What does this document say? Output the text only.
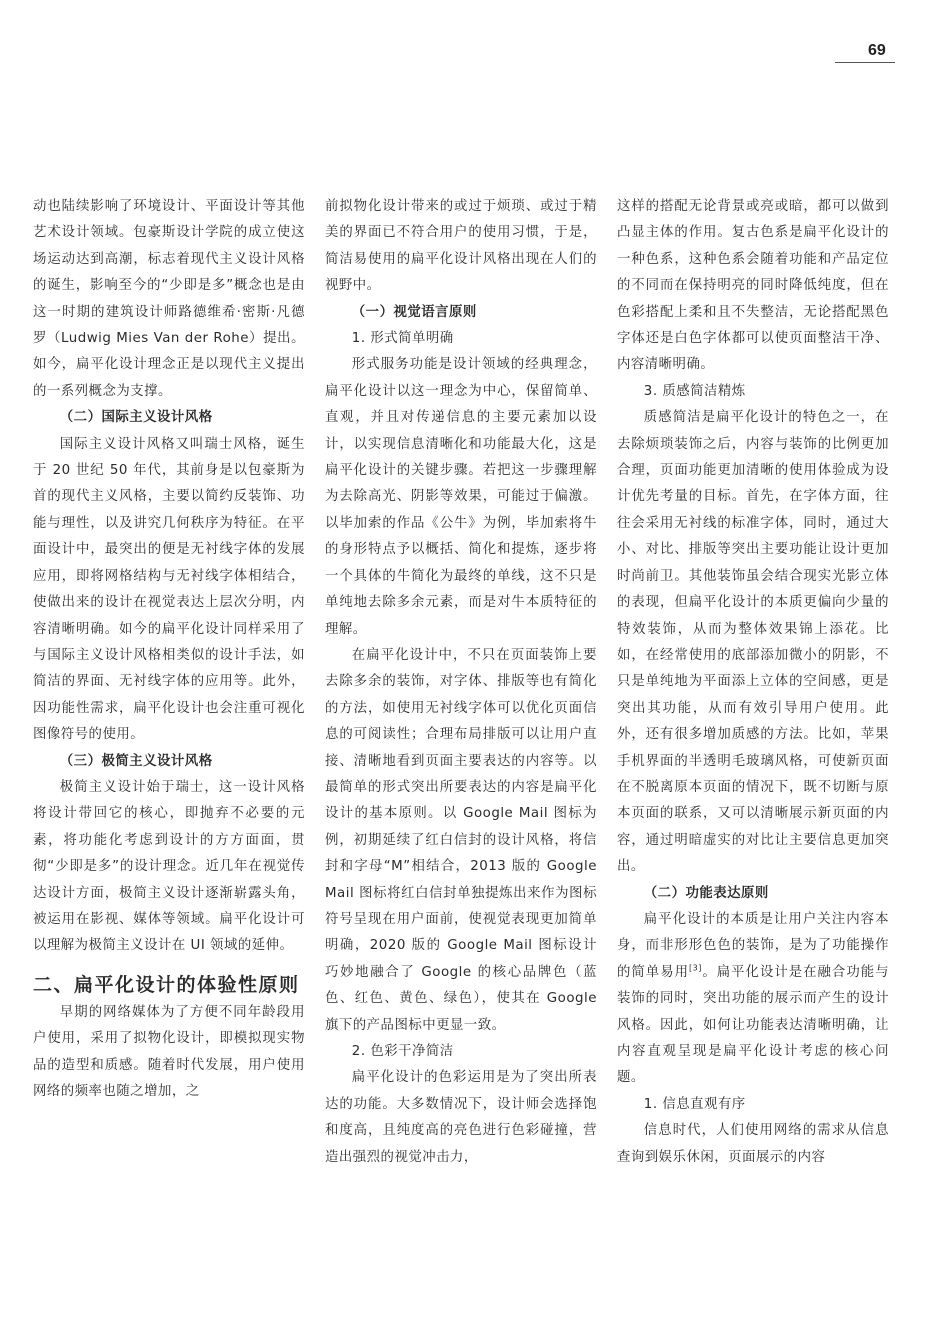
69

动也陆续影响了环境设计、平面设计等其他艺术设计领域。包豪斯设计学院的成立使这场运动达到高潮，标志着现代主义设计风格的诞生，影响至今的“少即是多”概念也是由这一时期的建筑设计师路德维希·密斯·凡德罗（Ludwig Mies Van der Rohe）提出。如今，扁平化设计理念正是以现代主义提出的一系列概念为支撑。

（二）国际主义设计风格

国际主义设计风格又叫瑞士风格，诞生于 20 世纪 50 年代，其前身是以包豪斯为首的现代主义风格，主要以简约反装饰、功能与理性，以及讲究几何秩序为特征。在平面设计中，最突出的便是无衬线字体的发展应用，即将网格结构与无衬线字体相结合，使做出来的设计在视觉表达上层次分明，内容清晰明确。如今的扁平化设计同样采用了与国际主义设计风格相类似的设计手法，如简洁的界面、无衬线字体的应用等。此外，因功能性需求，扁平化设计也会注重可视化图像符号的使用。

（三）极简主义设计风格

极简主义设计始于瑞士，这一设计风格将设计带回它的核心，即抛弃不必要的元素，将功能化考虑到设计的方方面面，贯彻“少即是多”的设计理念。近几年在视觉传达设计方面，极简主义设计逐渐崭露头角，被运用在影视、媒体等领域。扁平化设计可以理解为极简主义设计在 UI 领域的延伸。

二、扁平化设计的体验性原则

早期的网络媒体为了方便不同年龄段用户使用，采用了拟物化设计，即模拟现实物品的造型和质感。随着时代发展，用户使用网络的频率也随之增加，之

前拟物化设计带来的或过于烦琐、或过于精美的界面已不符合用户的使用习惯，于是，简洁易使用的扁平化设计风格出现在人们的视野中。

（一）视觉语言原则

1. 形式简单明确

形式服务功能是设计领域的经典理念，扁平化设计以这一理念为中心，保留简单、直观，并且对传递信息的主要元素加以设计，以实现信息清晰化和功能最大化，这是扁平化设计的关键步骤。若把这一步骤理解为去除高光、阴影等效果，可能过于偏激。以毕加索的作品《公牛》为例，毕加索将牛的身形特点予以概括、简化和提炼，逐步将一个具体的牛简化为最终的单线，这不只是单纯地去除多余元素，而是对牛本质特征的理解。

在扁平化设计中，不只在页面装饰上要去除多余的装饰，对字体、排版等也有简化的方法，如使用无衬线字体可以优化页面信息的可阅读性；合理布局排版可以让用户直接、清晰地看到页面主要表达的内容等。以最简单的形式突出所要表达的内容是扁平化设计的基本原则。以 Google Mail 图标为例，初期延续了红白信封的设计风格，将信封和字母“M”相结合，2013 版的 Google Mail 图标将红白信封单独提炼出来作为图标符号呈现在用户面前，使视觉表现更加简单明确，2020 版的 Google Mail 图标设计巧妙地融合了 Google 的核心品牌色（蓝色、红色、黄色、绿色），使其在 Google 旗下的产品图标中更显一致。

2. 色彩干净简洁

扁平化设计的色彩运用是为了突出所表达的功能。大多数情况下，设计师会选择饱和度高，且纯度高的亮色进行色彩碰撞，营造出强烈的视觉冲击力，

这样的搭配无论背景或亮或暗，都可以做到凸显主体的作用。复古色系是扁平化设计的一种色系，这种色系会随着功能和产品定位的不同而在保持明亮的同时降低纯度，但在色彩搭配上柔和且不失整洁，无论搭配黑色字体还是白色字体都可以使页面整洁干净、内容清晰明确。

3. 质感简洁精炼

质感简洁是扁平化设计的特色之一，在去除烦琐装饰之后，内容与装饰的比例更加合理，页面功能更加清晰的使用体验成为设计优先考量的目标。首先，在字体方面，往往会采用无衬线的标准字体，同时，通过大小、对比、排版等突出主要功能让设计更加时尚前卫。其他装饰虽会结合现实光影立体的表现，但扁平化设计的本质更偏向少量的特效装饰，从而为整体效果锦上添花。比如，在经常使用的底部添加微小的阴影，不只是单纯地为平面添上立体的空间感，更是突出其功能，从而有效引导用户使用。此外，还有很多增加质感的方法。比如，苹果手机界面的半透明毛玻璃风格，可使新页面在不脱离原本页面的情况下，既不切断与原本页面的联系，又可以清晰展示新页面的内容，通过明暗虚实的对比让主要信息更加突出。

（二）功能表达原则

扁平化设计的本质是让用户关注内容本身，而非形形色色的装饰，是为了功能操作的简单易用[3]。扁平化设计是在融合功能与装饰的同时，突出功能的展示而产生的设计风格。因此，如何让功能表达清晰明确，让内容直观呈现是扁平化设计考虑的核心问题。

1. 信息直观有序

信息时代，人们使用网络的需求从信息查询到娱乐休闲，页面展示的内容
